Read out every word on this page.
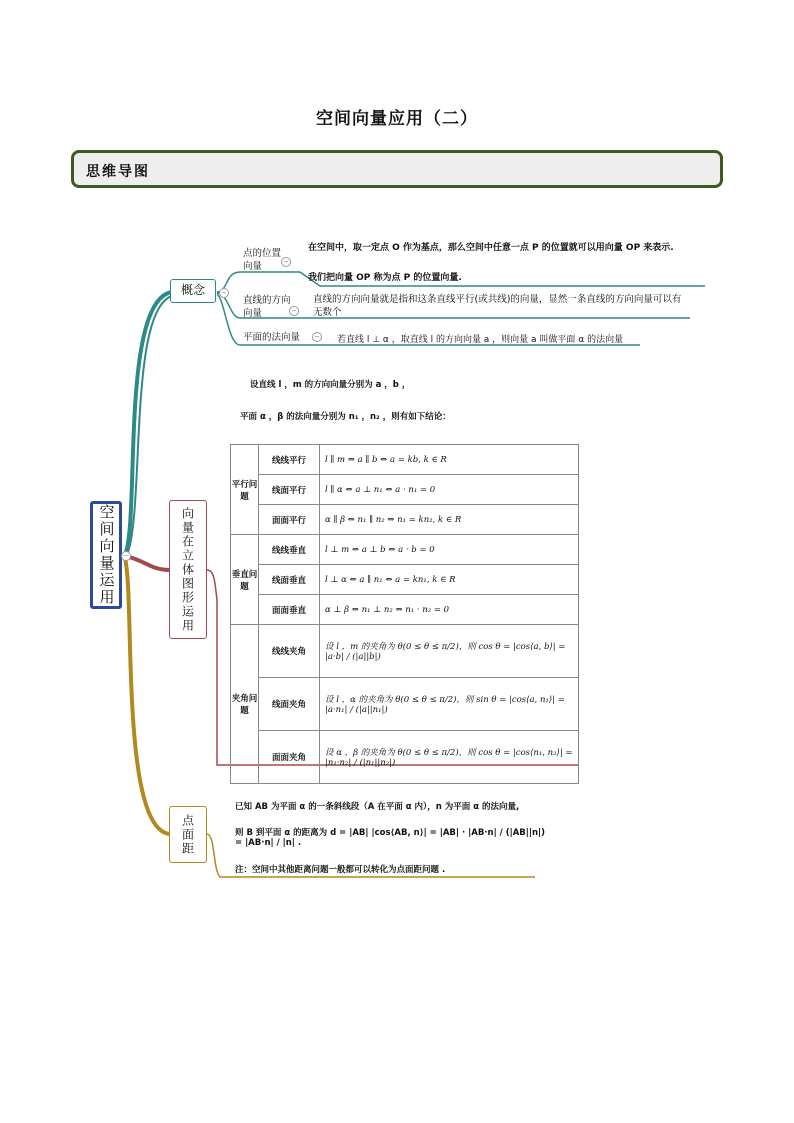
空间向量应用（二）
思维导图
空间向量运用	−
概念	−
点的位置向量	−
在空间中，取一定点 O 作为基点，那么空间中任意一点 P 的位置就可以用向量 OP 来表示.
我们把向量 OP 称为点 P 的位置向量.
直线的方向向量	−
直线的方向向量就是指和这条直线平行(或共线)的向量，显然一条直线的方向向量可以有无数个
平面的法向量	− 若直线 l ⊥ α ，取直线 l 的方向向量 a ，则向量 a 叫做平面 α 的法向量
向量在立体图形运用
设直线 l ，m 的方向向量分别为 a ，b ，
平面 α ，β 的法向量分别为 n₁ ，n₂ ，则有如下结论：
平行问题	线线平行	l ∥ m ⇔ a ∥ b ⇔ a = kb, k ∈ R
	线面平行	l ∥ α ⇔ a ⊥ n₁ ⇔ a · n₁ = 0
	面面平行	α ∥ β ⇔ n₁ ∥ n₂ ⇔ n₁ = kn₂, k ∈ R
垂直问题	线线垂直	l ⊥ m ⇔ a ⊥ b ⇔ a · b = 0
	线面垂直	l ⊥ α ⇔ a ∥ n₁ ⇔ a = kn₁, k ∈ R
	面面垂直	α ⊥ β ⇔ n₁ ⊥ n₂ ⇔ n₁ · n₂ = 0
夹角问题	线线夹角	设 l ，m 的夹角为 θ(0 ≤ θ ≤ π/2)，则 cos θ = |cos⟨a, b⟩| = |a·b| / (|a||b|)
	线面夹角	设 l ，α 的夹角为 θ(0 ≤ θ ≤ π/2)，则 sin θ = |cos⟨a, n₁⟩| = |a·n₁| / (|a||n₁|)
	面面夹角	设 α ，β 的夹角为 θ(0 ≤ θ ≤ π/2)，则 cos θ = |cos⟨n₁, n₂⟩| = |n₁·n₂| / (|n₁||n₂|)
点面距
已知 AB 为平面 α 的一条斜线段（A 在平面 α 内），n 为平面 α 的法向量,
则 B 到平面 α 的距离为 d = |AB| |cos⟨AB, n⟩| = |AB| · |AB·n| / (|AB||n|) = |AB·n| / |n| .
注：空间中其他距离问题一般都可以转化为点面距问题 .
